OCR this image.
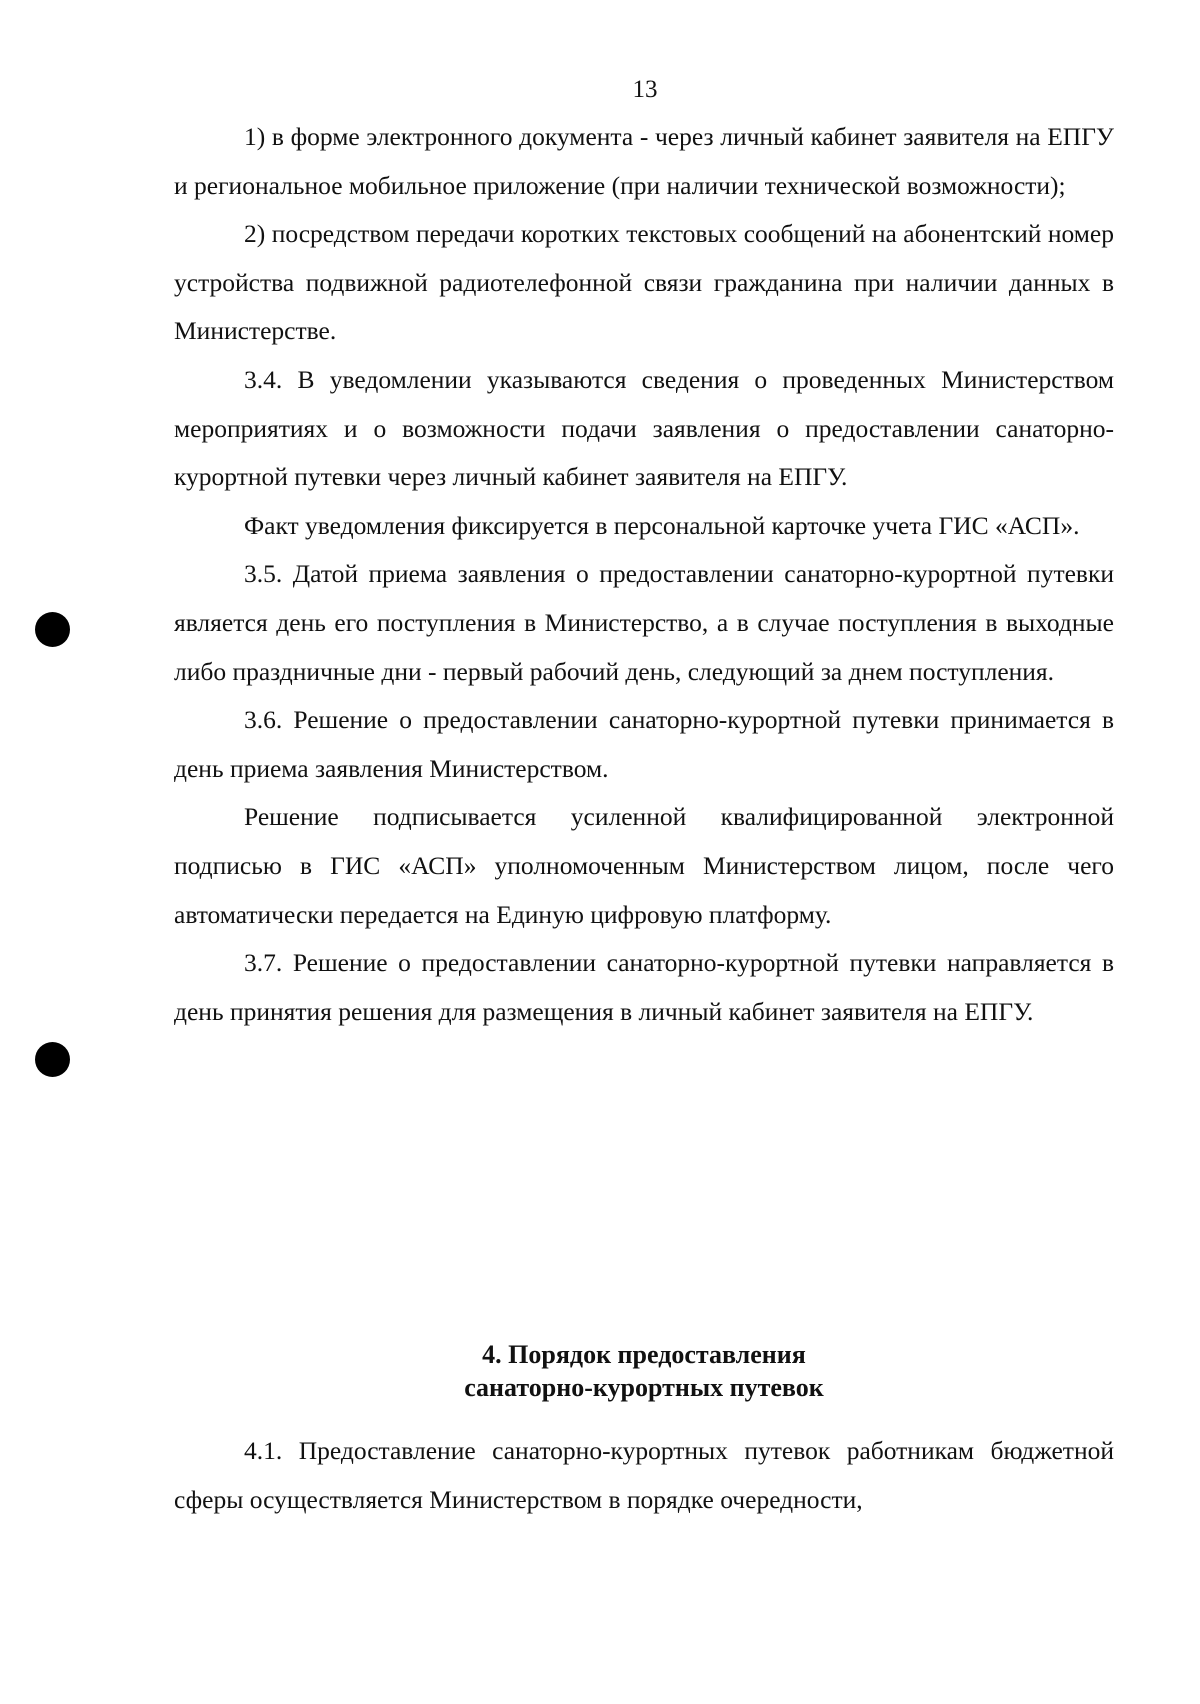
13

1) в форме электронного документа - через личный кабинет заявителя на ЕПГУ и региональное мобильное приложение (при наличии технической возможности);

2) посредством передачи коротких текстовых сообщений на абонентский номер устройства подвижной радиотелефонной связи гражданина при наличии данных в Министерстве.

3.4. В уведомлении указываются сведения о проведенных Министерством мероприятиях и о возможности подачи заявления о предоставлении санаторно-курортной путевки через личный кабинет заявителя на ЕПГУ.

Факт уведомления фиксируется в персональной карточке учета ГИС «АСП».

3.5. Датой приема заявления о предоставлении санаторно-курортной путевки является день его поступления в Министерство, а в случае поступления в выходные либо праздничные дни - первый рабочий день, следующий за днем поступления.

3.6. Решение о предоставлении санаторно-курортной путевки принимается в день приема заявления Министерством.

Решение подписывается усиленной квалифицированной электронной подписью в ГИС «АСП» уполномоченным Министерством лицом, после чего автоматически передается на Единую цифровую платформу.

3.7. Решение о предоставлении санаторно-курортной путевки направляется в день принятия решения для размещения в личный кабинет заявителя на ЕПГУ.

4. Порядок предоставления
санаторно-курортных путевок

4.1. Предоставление санаторно-курортных путевок работникам бюджетной сферы осуществляется Министерством в порядке очередности,
